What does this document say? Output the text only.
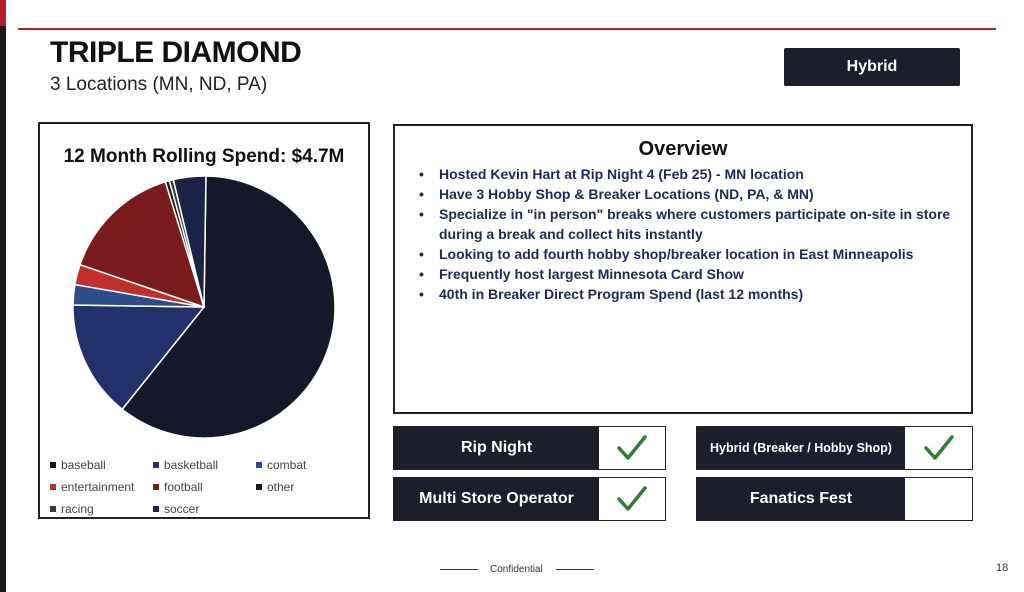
TRIPLE DIAMOND
3 Locations (MN, ND, PA)
Hybrid
12 Month Rolling Spend: $4.7M
baseball	basketball	combat
entertainment football	other
racing	soccer
Overview
• Hosted Kevin Hart at Rip Night 4 (Feb 25) - MN location
• Have 3 Hobby Shop & Breaker Locations (ND, PA, & MN)
• Specialize in "in person" breaks where customers participate on-site in store during a break and collect hits instantly
• Looking to add fourth hobby shop/breaker location in East Minneapolis
• Frequently host largest Minnesota Card Show
• 40th in Breaker Direct Program Spend (last 12 months)
Rip Night	Hybrid (Breaker / Hobby Shop)
Multi Store Operator	Fanatics Fest
Confidential	18
